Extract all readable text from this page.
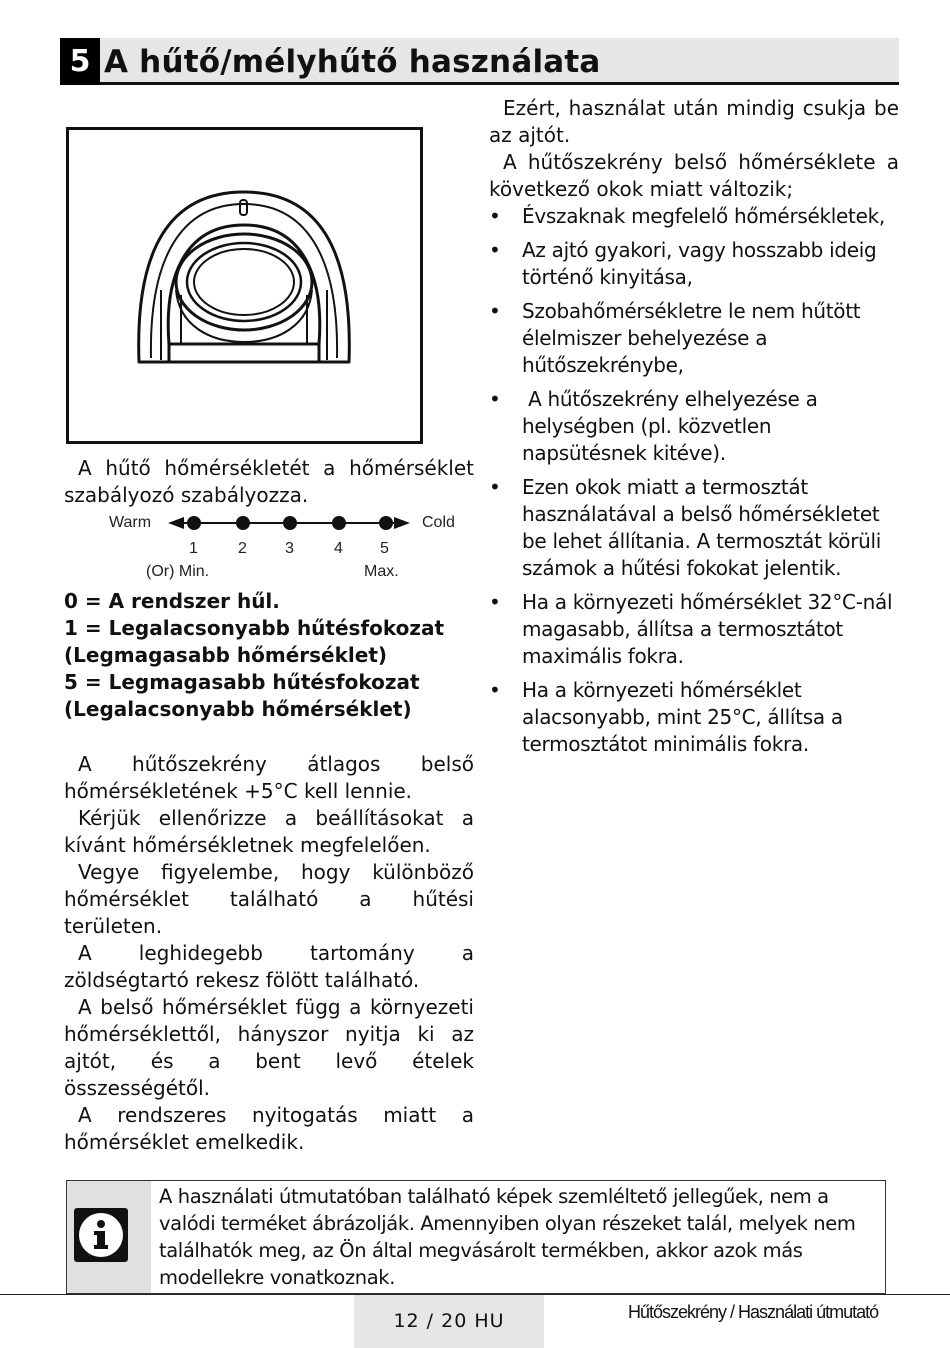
5 A hűtő/mélyhűtő használata
A hűtő hőmérsékletét a hőmérséklet szabályozó szabályozza.
Warm	Cold
1	2 3	4 5
(Or) Min.	Max.
0 = A rendszer hűl.
1 = Legalacsonyabb hűtésfokozat
(Legmagasabb hőmérséklet)
5 = Legmagasabb hűtésfokozat
(Legalacsonyabb hőmérséklet)
A hűtőszekrény átlagos belső hőmérsékletének +5°C kell lennie.
Kérjük ellenőrizze a beállításokat a kívánt hőmérsékletnek megfelelően.
Vegye figyelembe, hogy különböző hőmérséklet található a hűtési területen.
A leghidegebb tartomány a zöldségtartó rekesz fölött található.
A belső hőmérséklet függ a környezeti hőmérséklettől, hányszor nyitja ki az ajtót, és a bent levő ételek összességétől.
A rendszeres nyitogatás miatt a hőmérséklet emelkedik.
Ezért, használat után mindig csukja be az ajtót.
A hűtőszekrény belső hőmérséklete a következő okok miatt változik;
• Évszaknak megfelelő hőmérsékletek,
• Az ajtó gyakori, vagy hosszabb ideig történő kinyitása,
• Szobahőmérsékletre le nem hűtött élelmiszer behelyezése a hűtőszekrénybe,
•  A hűtőszekrény elhelyezése a helységben (pl. közvetlen napsütésnek kitéve).
• Ezen okok miatt a termosztát használatával a belső hőmérsékletet be lehet állítania. A termosztát körüli számok a hűtési fokokat jelentik.
• Ha a környezeti hőmérséklet 32°C-nál magasabb, állítsa a termosztátot maximális fokra.
• Ha a környezeti hőmérséklet alacsonyabb, mint 25°C, állítsa a termosztátot minimális fokra.
A használati útmutatóban található képek szemléltető jellegűek, nem a valódi terméket ábrázolják. Amennyiben olyan részeket talál, melyek nem találhatók meg, az Ön által megvásárolt termékben, akkor azok más modellekre vonatkoznak.
12 / 20 HU	Hűtőszekrény / Használati útmutató
